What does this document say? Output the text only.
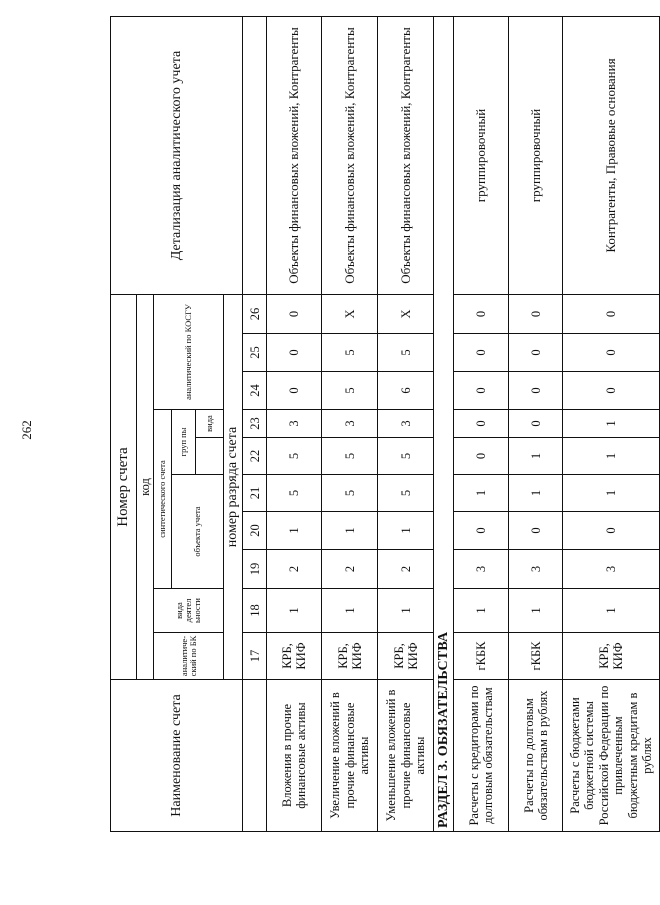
262
Наименование счета	Номер счета										Детализация аналитического учета
	код										
	аналитический по БК	вида деятел ьности	синтетического счета					аналитический по КОСГУ			
			объекта учета			груп пы					
							вида				
	номер разряда счета										
	17	18	19	20	21	22	23	24	25	26	
Вложения в прочие финансовые активы	КРБ, КИФ	1	2	1	5	5	3	0	0	0	Объекты финансовых вложений, Контрагенты
Увеличение вложений в прочие финансовые активы	КРБ, КИФ	1	2	1	5	5	3	5	5	Х	Объекты финансовых вложений, Контрагенты
Уменьшение вложений в прочие финансовые активы	КРБ, КИФ	1	2	1	5	5	3	6	5	Х	Объекты финансовых вложений, Контрагенты
РАЗДЕЛ 3. ОБЯЗАТЕЛЬСТВА											
Расчеты с кредиторами по долговым обязательствам	гКБК	1	3	0	1	0	0	0	0	0	группировочный
Расчеты по долговым обязательствам в рублях	гКБК	1	3	0	1	1	0	0	0	0	группировочный
Расчеты с бюджетами бюджетной системы Российской Федерации по привлеченным бюджетным кредитам в рублях	КРБ, КИФ	1	3	0	1	1	1	0	0	0	Контрагенты, Правовые основания
